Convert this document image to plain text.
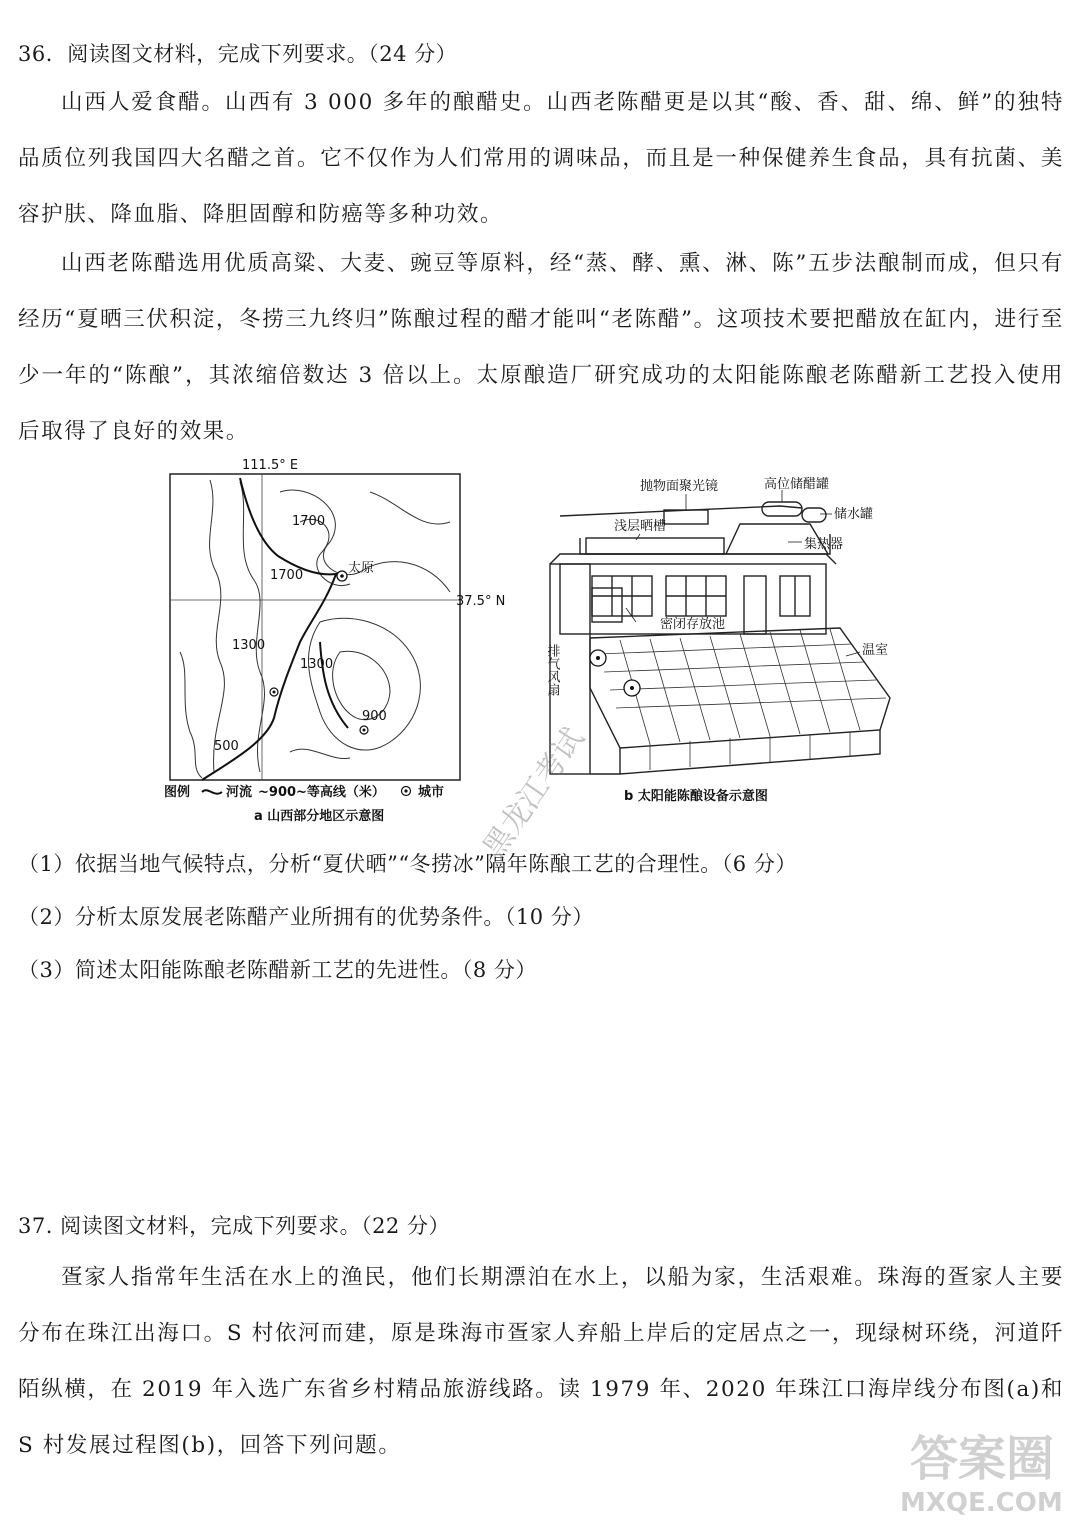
36．阅读图文材料，完成下列要求。（24 分）

山西人爱食醋。山西有 3 000 多年的酿醋史。山西老陈醋更是以其“酸、香、甜、绵、鲜”的独特品质位列我国四大名醋之首。它不仅作为人们常用的调味品，而且是一种保健养生食品，具有抗菌、美容护肤、降血脂、降胆固醇和防癌等多种功效。

山西老陈醋选用优质高粱、大麦、豌豆等原料，经“蒸、酵、熏、淋、陈”五步法酿制而成，但只有经历“夏晒三伏积淀，冬捞三九终归”陈酿过程的醋才能叫“老陈醋”。这项技术要把醋放在缸内，进行至少一年的“陈酿”，其浓缩倍数达 3 倍以上。太原酿造厂研究成功的太阳能陈酿老陈醋新工艺投入使用后取得了良好的效果。

111.5° E
37.5° N
太原
1700
1700
1300
1300
900
500
图例	河流 ~900~等高线（米）	城市
a 山西部分地区示意图
抛物面聚光镜	高位储醋罐
储水罐
浅层晒槽
集热器
密闭存放池
温室
排气风扇
b 太阳能陈酿设备示意图
（1）依据当地气候特点，分析“夏伏晒”“冬捞冰”隔年陈酿工艺的合理性。（6 分）
（2）分析太原发展老陈醋产业所拥有的优势条件。（10 分）
（3）简述太阳能陈酿老陈醋新工艺的先进性。（8 分）
黑龙江考试
37. 阅读图文材料，完成下列要求。（22 分）

疍家人指常年生活在水上的渔民，他们长期漂泊在水上，以船为家，生活艰难。珠海的疍家人主要分布在珠江出海口。S 村依河而建，原是珠海市疍家人弃船上岸后的定居点之一，现绿树环绕，河道阡陌纵横，在 2019 年入选广东省乡村精品旅游线路。读 1979 年、2020 年珠江口海岸线分布图(a)和 S 村发展过程图(b)，回答下列问题。	答案圈
MXQE.COM
